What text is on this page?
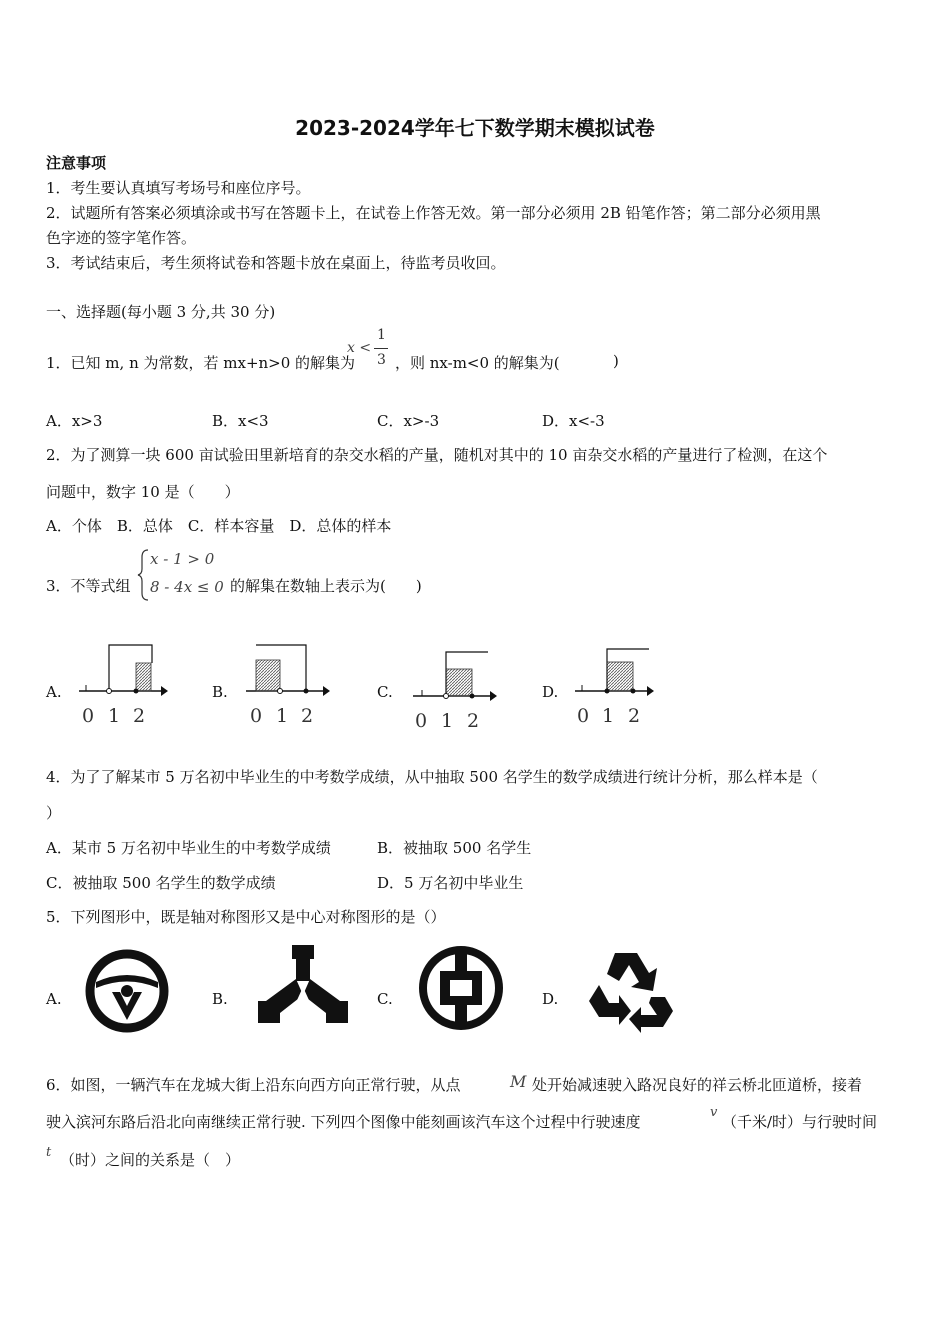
2023-2024学年七下数学期末模拟试卷
注意事项
1．考生要认真填写考场号和座位序号。
2．试题所有答案必须填涂或书写在答题卡上，在试卷上作答无效。第一部分必须用 2B 铅笔作答；第二部分必须用黑
色字迹的签字笔作答。
3．考试结束后，考生须将试卷和答题卡放在桌面上，待监考员收回。
一、选择题(每小题 3 分,共 30 分)
1．已知 m, n 为常数，若 mx+n>0 的解集为
x <
1
3 ，则 nx-m<0 的解集为(	)
A．x>3	B．x<3	C．x>-3	D．x<-3
2．为了测算一块 600 亩试验田里新培育的杂交水稻的产量，随机对其中的 10 亩杂交水稻的产量进行了检测，在这个
问题中，数字 10 是（　　）
A．个体　B．总体　C．样本容量　D．总体的样本
3．不等式组
x - 1 > 0
8 - 4x ≤ 0 的解集在数轴上表示为(　　)
A.
0 1 2
B.
0 1 2
C.
0 1 2
D.
0 1 2
4．为了了解某市 5 万名初中毕业生的中考数学成绩，从中抽取 500 名学生的数学成绩进行统计分析，那么样本是（
）
A．某市 5 万名初中毕业生的中考数学成绩	B．被抽取 500 名学生
C．被抽取 500 名学生的数学成绩	D．5 万名初中毕业生
5．下列图形中，既是轴对称图形又是中心对称图形的是（）
A.	B.	C.	D.
6．如图，一辆汽车在龙城大街上沿东向西方向正常行驶，从点	M 处开始减速驶入路况良好的祥云桥北匝道桥，接着
驶入滨河东路后沿北向南继续正常行驶. 下列四个图像中能刻画该汽车这个过程中行驶速度
v
（千米/时）与行驶时间
t （时）之间的关系是（　）
